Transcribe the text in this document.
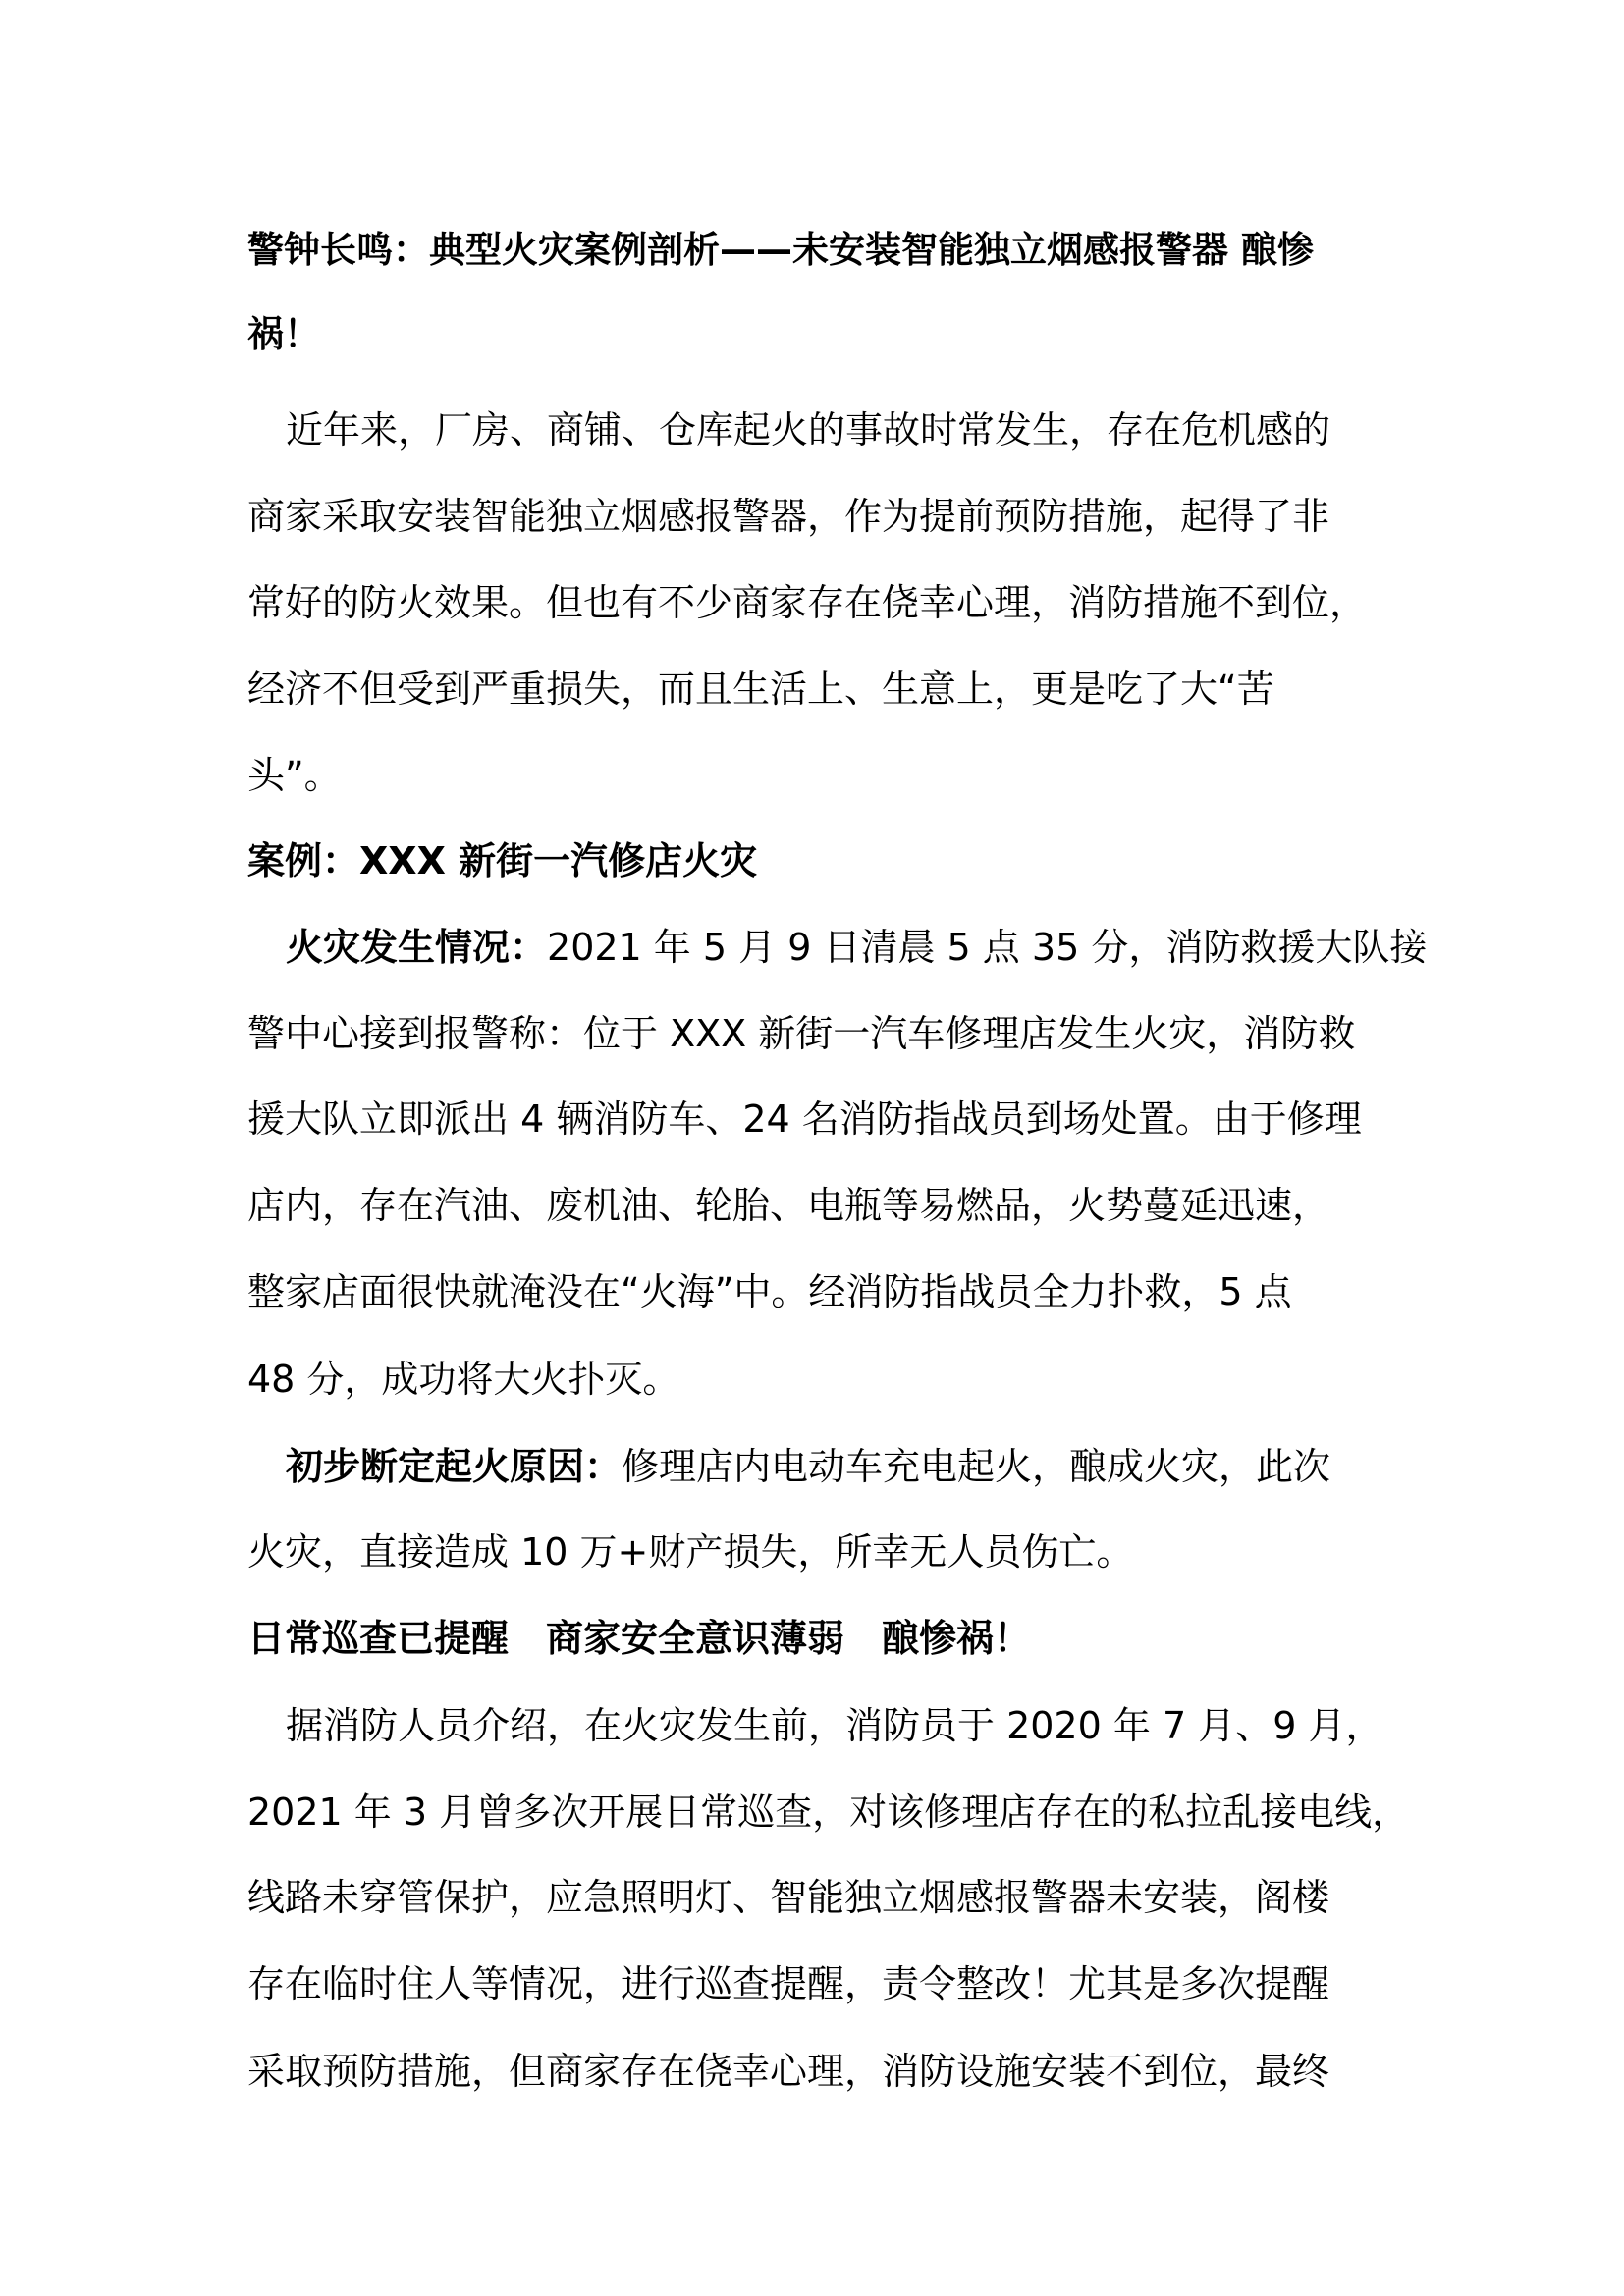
警钟长鸣：典型火灾案例剖析——未安装智能独立烟感报警器 酿惨
祸！
近年来，厂房、商铺、仓库起火的事故时常发生，存在危机感的
商家采取安装智能独立烟感报警器，作为提前预防措施，起得了非
常好的防火效果。但也有不少商家存在侥幸心理，消防措施不到位，
经济不但受到严重损失，而且生活上、生意上，更是吃了大“苦
头”。
案例：XXX 新街一汽修店火灾
火灾发生情况：2021 年 5 月 9 日清晨 5 点 35 分，消防救援大队接
警中心接到报警称：位于 XXX 新街一汽车修理店发生火灾，消防救
援大队立即派出 4 辆消防车、24 名消防指战员到场处置。由于修理
店内，存在汽油、废机油、轮胎、电瓶等易燃品，火势蔓延迅速，
整家店面很快就淹没在“火海”中。经消防指战员全力扑救，5 点
48 分，成功将大火扑灭。
初步断定起火原因：修理店内电动车充电起火，酿成火灾，此次
火灾，直接造成 10 万+财产损失，所幸无人员伤亡。
日常巡查已提醒　商家安全意识薄弱　酿惨祸！
据消防人员介绍，在火灾发生前，消防员于 2020 年 7 月、9 月，
2021 年 3 月曾多次开展日常巡查，对该修理店存在的私拉乱接电线，
线路未穿管保护，应急照明灯、智能独立烟感报警器未安装，阁楼
存在临时住人等情况，进行巡查提醒，责令整改！尤其是多次提醒
采取预防措施，但商家存在侥幸心理，消防设施安装不到位，最终
